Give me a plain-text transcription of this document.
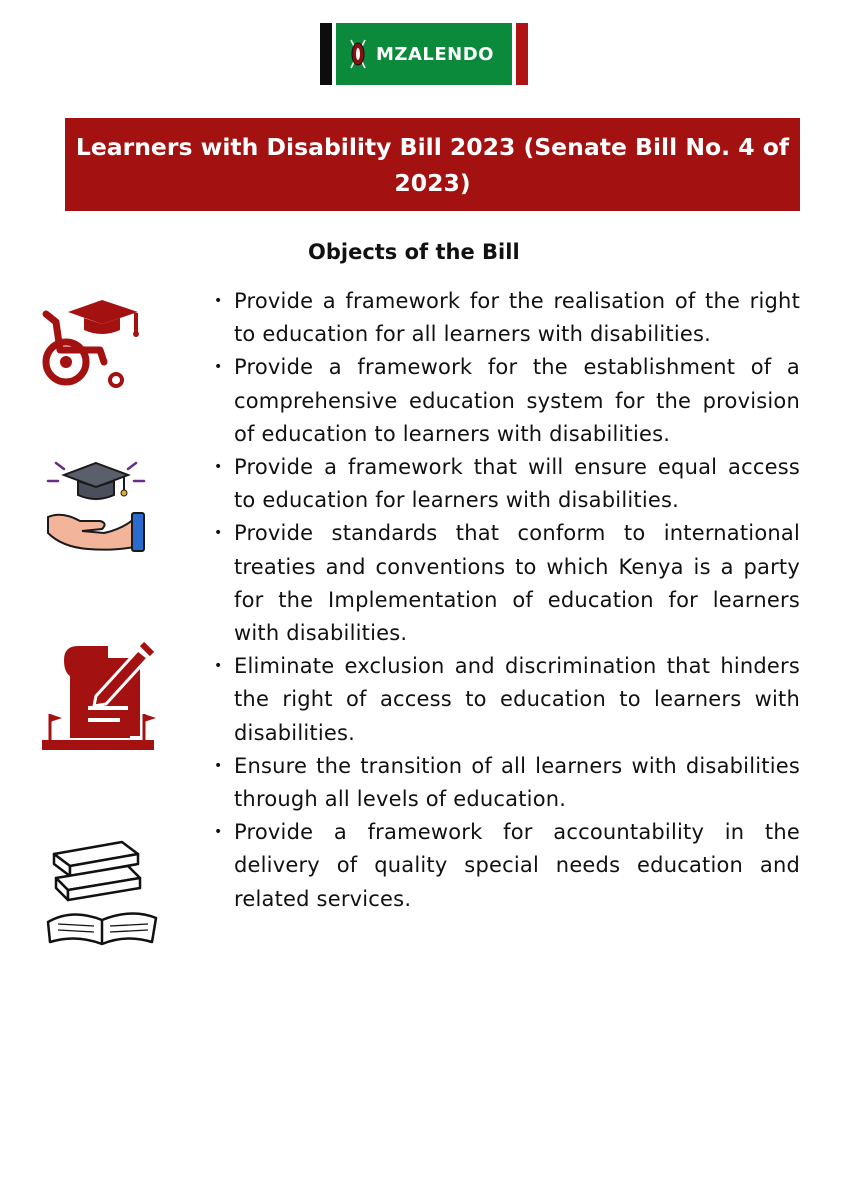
MZALENDO
Learners with Disability Bill 2023 (Senate Bill No. 4 of 2023)
Objects of the Bill
• Provide a framework for the realisation of the right to education for all learners with disabilities.
• Provide a framework for the establishment of a comprehensive education system for the provision of education to learners with disabilities.
• Provide a framework that will ensure equal access to education for learners with disabilities.
• Provide standards that conform to international treaties and conventions to which Kenya is a party for the Implementation of education for learners with disabilities.
• Eliminate exclusion and discrimination that hinders the right of access to education to learners with disabilities.
• Ensure the transition of all learners with disabilities through all levels of education.
• Provide a framework for accountability in the delivery of quality special needs education and related services.
